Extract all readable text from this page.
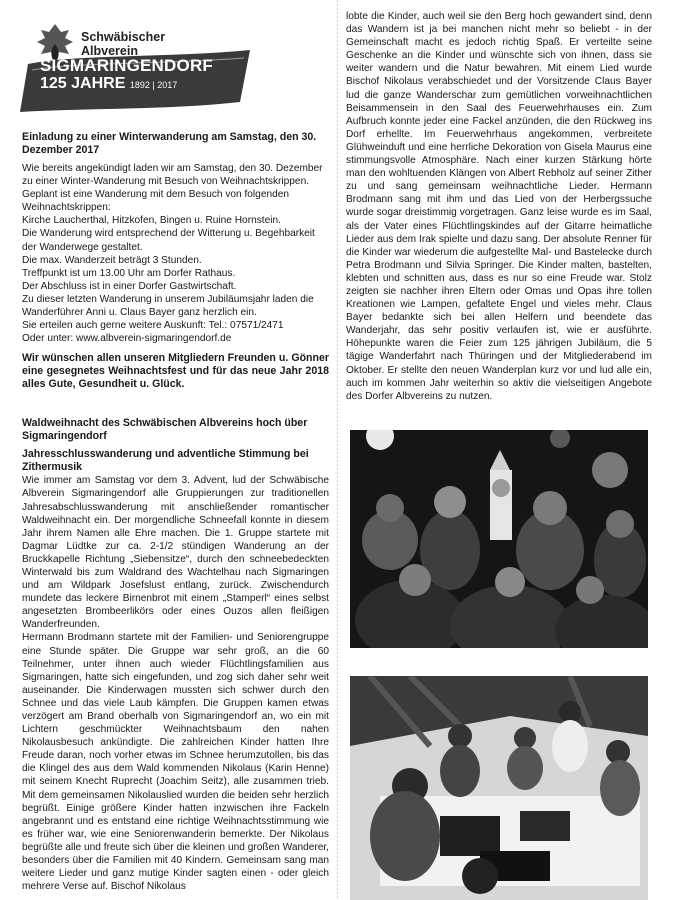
Schwäbischer
Albverein
SIGMARINGENDORF
125 JAHRE 1892 | 2017
Einladung zu einer Winterwanderung am Samstag, den 30. Dezember 2017

Wie bereits angekündigt laden wir am Samstag, den 30. Dezember zu einer Winter-Wanderung mit Besuch von Weihnachtskrippen.

Geplant ist eine Wanderung mit dem Besuch von folgenden Weihnachtskrippen:

Kirche Laucherthal, Hitzkofen, Bingen u. Ruine Hornstein.

Die Wanderung wird entsprechend der Witterung u. Begehbarkeit der Wanderwege gestaltet.

Die max. Wanderzeit beträgt 3 Stunden.

Treffpunkt ist um 13.00 Uhr am Dorfer Rathaus.

Der Abschluss ist in einer Dorfer Gastwirtschaft.

Zu dieser letzten Wanderung in unserem Jubiläumsjahr laden die Wanderführer Anni u. Claus Bayer ganz herzlich ein.

Sie erteilen auch gerne weitere Auskunft: Tel.: 07571/2471

Oder unter: www.albverein-sigmaringendorf.de

Wir wünschen allen unseren Mitgliedern Freunden u. Gönner eine gesegnetes Weihnachtsfest und für das neue Jahr 2018 alles Gute, Gesundheit u. Glück.
Waldweihnacht des Schwäbischen Albvereins hoch über Sigmaringendorf
Jahresschlusswanderung und adventliche Stimmung bei Zithermusik

Wie immer am Samstag vor dem 3. Advent, lud der Schwäbische Albverein Sigmaringendorf alle Gruppierungen zur traditionellen Jahresabschlusswanderung mit anschließender romantischer Waldweihnacht ein. Der morgendliche Schneefall konnte in diesem Jahr ihrem Namen alle Ehre machen. Die 1. Gruppe startete mit Dagmar Lüdtke zur ca. 2-1/2 stündigen Wanderung an der Bruckkapelle Richtung „Siebensitze“, durch den schneebedeckten Winterwald bis zum Waldrand des Wachtelhau nach Sigmaringen und am Wildpark Josefslust entlang, zurück. Zwischendurch mundete das leckere Birnenbrot mit einem „Stamperl“ eines selbst angesetzten Brombeerlikörs oder eines Ouzos allen fleißigen Wanderfreunden.

Hermann Brodmann startete mit der Familien- und Seniorengruppe eine Stunde später. Die Gruppe war sehr groß, an die 60 Teilnehmer, unter ihnen auch wieder Flüchtlingsfamilien aus Sigmaringen, hatte sich eingefunden, und zog sich daher sehr weit auseinander. Die Kinderwagen mussten sich schwer durch den Schnee und das viele Laub kämpfen. Die Gruppen kamen etwas verzögert am Brand oberhalb von Sigmaringendorf an, wo ein mit Lichtern geschmückter Weihnachtsbaum den nahen Nikolausbesuch ankündigte. Die zahlreichen Kinder hatten Ihre Freude daran, noch vorher etwas im Schnee herumzutollen, bis das die Klingel des aus dem Wald kommenden Nikolaus (Karin Henne) mit seinem Knecht Ruprecht (Joachim Seitz), alle zusammen trieb. Mit dem gemeinsamen Nikolauslied wurden die beiden sehr herzlich begrüßt. Einige größere Kinder hatten inzwischen ihre Fackeln angebrannt und es entstand eine richtige Weihnachtsstimmung wie es früher war, wie eine Seniorenwanderin bemerkte. Der Nikolaus begrüßte alle und freute sich über die kleinen und großen Wanderer, besonders über die Familien mit 40 Kindern. Gemeinsam sang man weitere Lieder und ganz mutige Kinder sagten einen - oder gleich mehrere Verse auf. Bischof Nikolaus

lobte die Kinder, auch weil sie den Berg hoch gewandert sind, denn das Wandern ist ja bei manchen nicht mehr so beliebt - in der Gemeinschaft macht es jedoch richtig Spaß. Er verteilte seine Geschenke an die Kinder und wünschte sich von ihnen, dass sie weiter wandern und die Natur bewahren. Mit einem Lied wurde Bischof Nikolaus verabschiedet und der Vorsitzende Claus Bayer lud die ganze Wanderschar zum gemütlichen vorweihnachtlichen Beisammensein in den Saal des Feuerwehrhauses ein. Zum Aufbruch konnte jeder eine Fackel anzünden, die den Rückweg ins Dorf erhellte. Im Feuerwehrhaus angekommen, verbreitete Glühweinduft und eine herrliche Dekoration von Gisela Maurus eine stimmungsvolle Atmosphäre. Nach einer kurzen Stärkung hörte man den wohltuenden Klängen von Albert Rebholz auf seiner Zither zu und sang gemeinsam weihnachtliche Lieder. Hermann Brodmann sang mit ihm und das Lied von der Herbergssuche wurde sogar dreistimmig vorgetragen. Ganz leise wurde es im Saal, als der Vater eines Flüchtlingskindes auf der Gitarre heimatliche Lieder aus dem Irak spielte und dazu sang. Der absolute Renner für die Kinder war wiederum die aufgestellte Mal- und Bastelecke durch Petra Brodmann und Silvia Springer. Die Kinder malten, bastelten, klebten und schnitten aus, dass es nur so eine Freude war. Stolz zeigten sie nachher ihren Eltern oder Omas und Opas ihre tollen Kreationen wie Lampen, gefaltete Engel und vieles mehr. Claus Bayer bedankte sich bei allen Helfern und beendete das Wanderjahr, das sehr positiv verlaufen ist, wie er ausführte. Höhepunkte waren die Feier zum 125 jährigen Jubiläum, die 5 tägige Wanderfahrt nach Thüringen und der Mitgliederabend im Oktober. Er stellte den neuen Wanderplan kurz vor und lud alle ein, auch im kommen Jahr weiterhin so aktiv die vielseitigen Angebote des Dorfer Albvereins zu nutzen.
